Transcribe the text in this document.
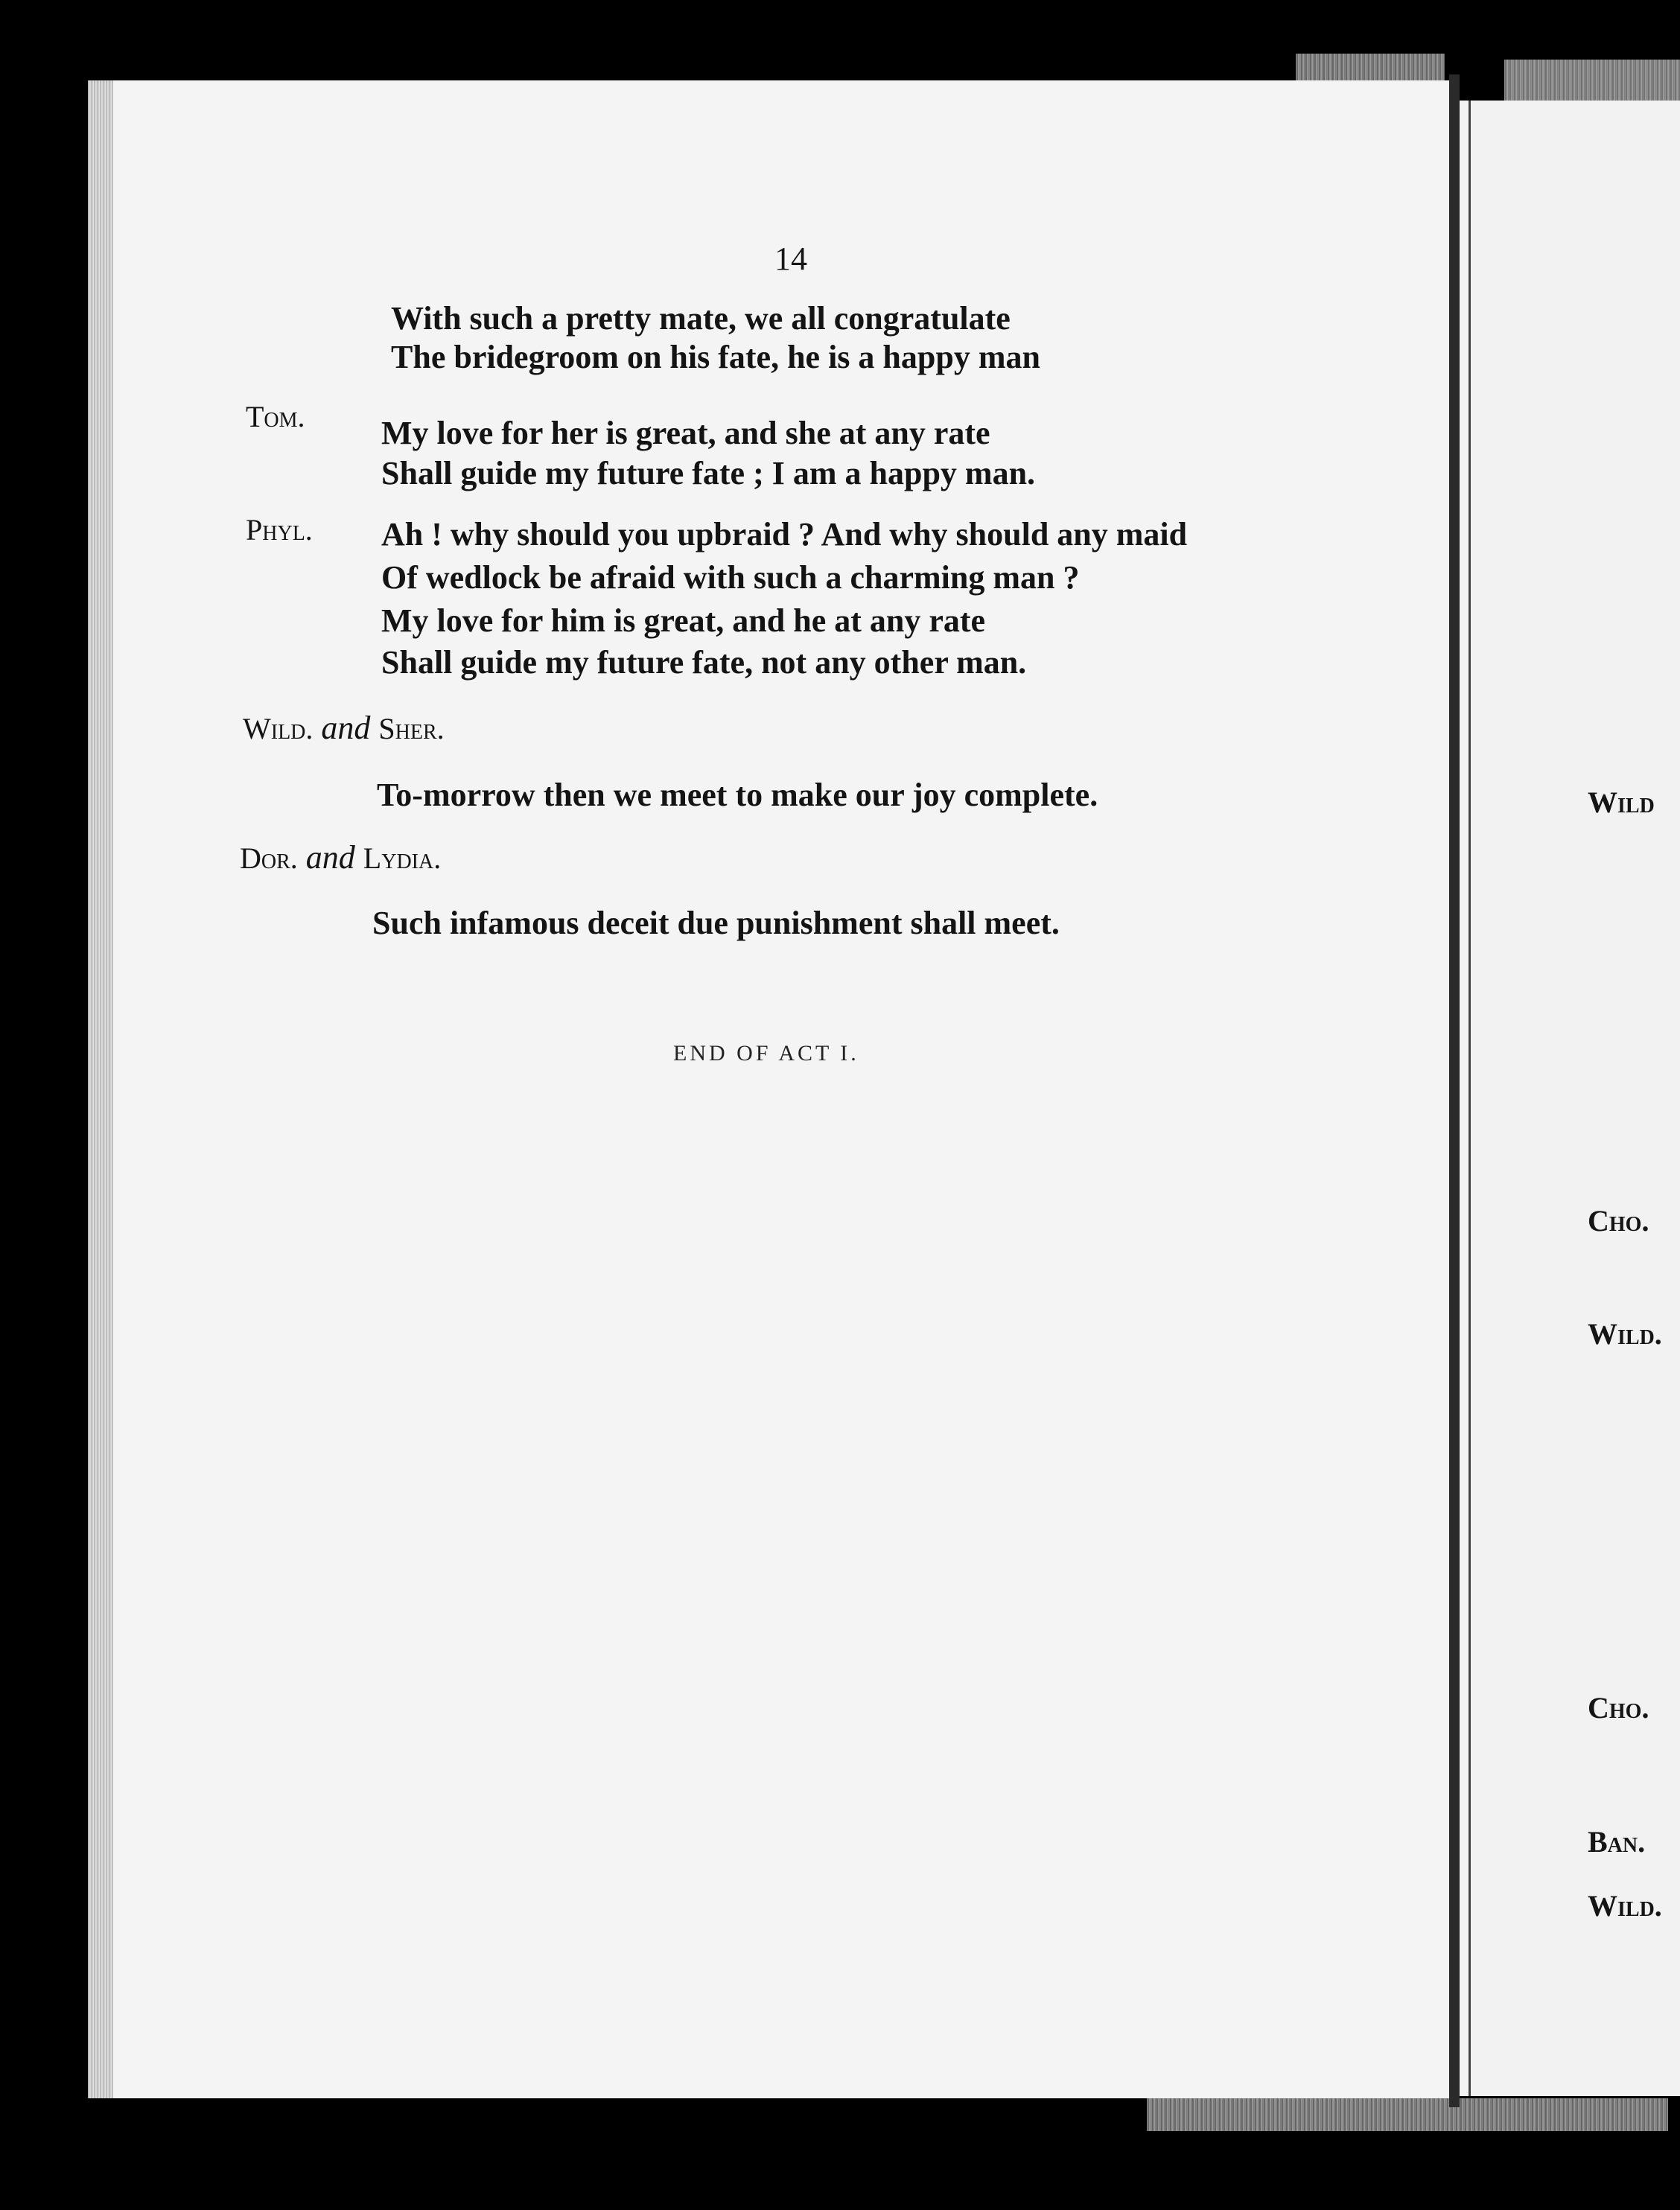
14
With such a pretty mate, we all congratulate
The bridegroom on his fate, he is a happy man
Tom. My love for her is great, and she at any rate
Shall guide my future fate ; I am a happy man.
Phyl. Ah ! why should you upbraid ? And why should any maid
Of wedlock be afraid with such a charming man ?
My love for him is great, and he at any rate
Shall guide my future fate, not any other man.
Wild. and Sher.
To-morrow then we meet to make our joy complete.
Dor. and Lydia.
Such infamous deceit due punishment shall meet.
END OF ACT I.
Wild
Cho.
Wild.
Cho.
Ban.
Wild.
